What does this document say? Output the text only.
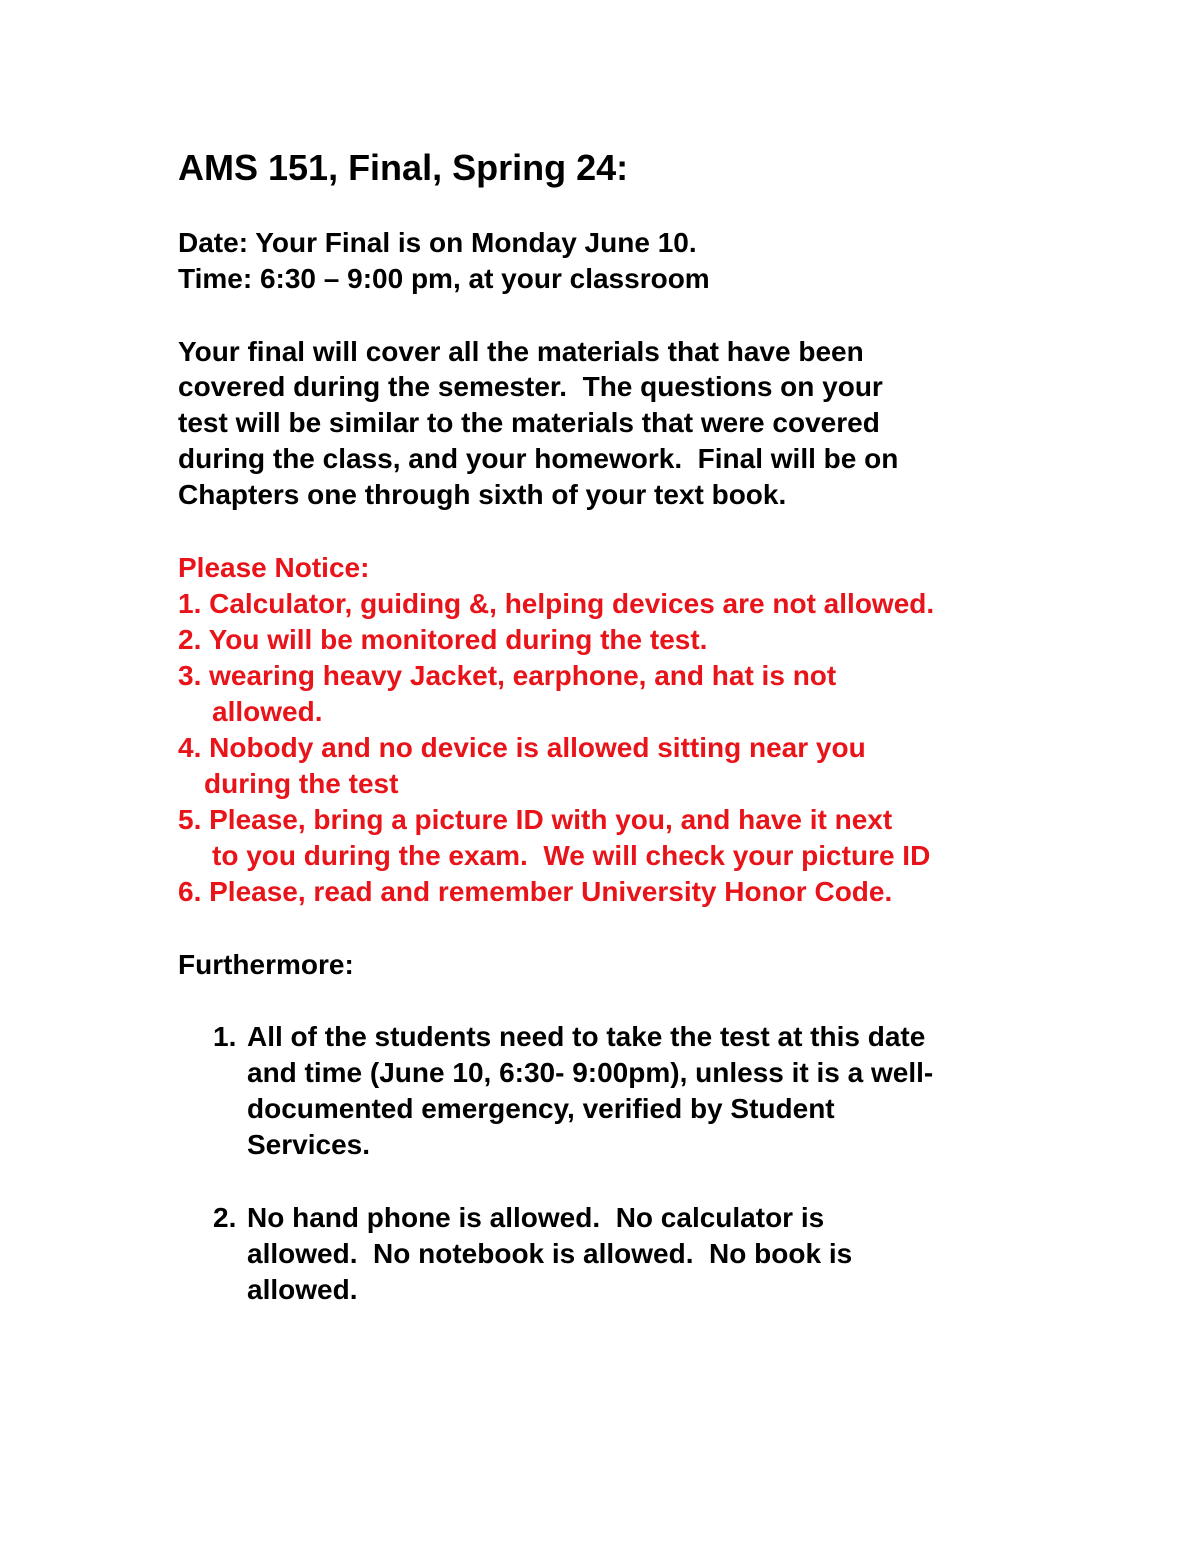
AMS 151, Final, Spring 24:
Date: Your Final is on Monday June 10.
Time: 6:30 – 9:00 pm, at your classroom
Your final will cover all the materials that have been
covered during the semester.  The questions on your
test will be similar to the materials that were covered
during the class, and your homework.  Final will be on
Chapters one through sixth of your text book.
Please Notice:
1. Calculator, guiding &, helping devices are not allowed.
2. You will be monitored during the test.
3. wearing heavy Jacket, earphone, and hat is not
allowed.
4. Nobody and no device is allowed sitting near you
during the test
5. Please, bring a picture ID with you, and have it next
to you during the exam.  We will check your picture ID
6. Please, read and remember University Honor Code.
Furthermore:
1. All of the students need to take the test at this date
and time (June 10, 6:30- 9:00pm), unless it is a well-
documented emergency, verified by Student
Services.
2. No hand phone is allowed.  No calculator is
allowed.  No notebook is allowed.  No book is
allowed.
